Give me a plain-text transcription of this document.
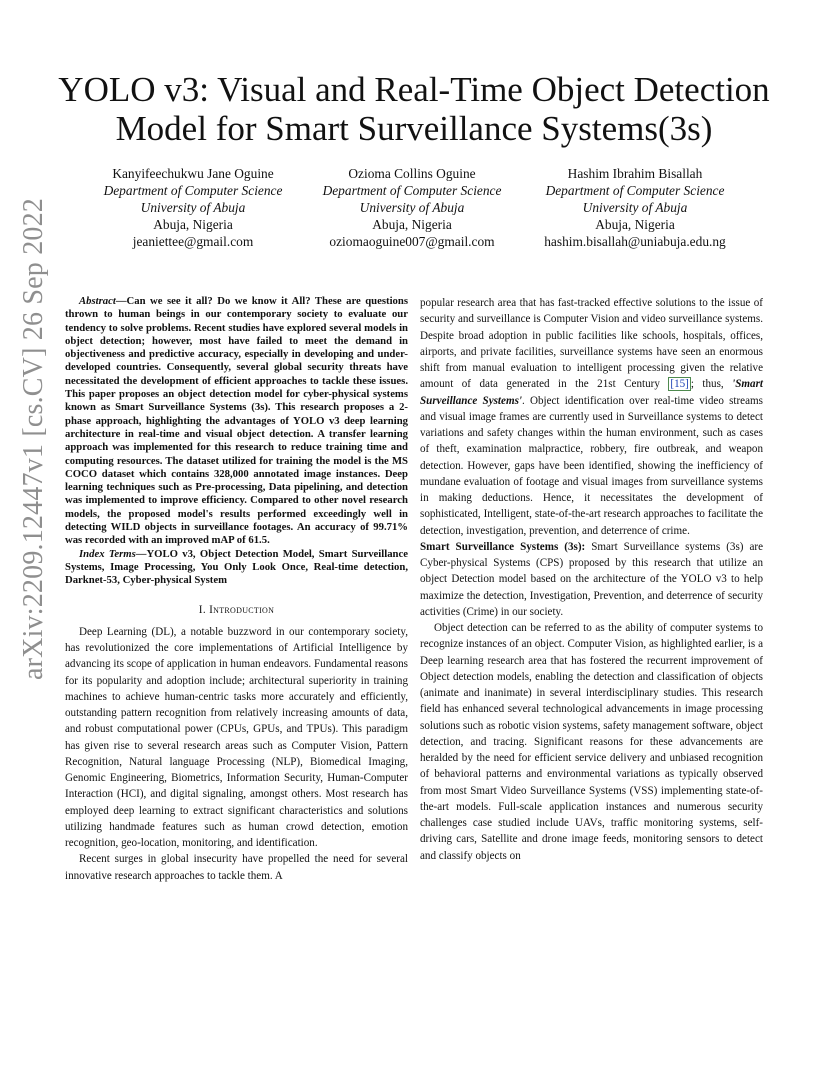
YOLO v3: Visual and Real-Time Object Detection Model for Smart Surveillance Systems(3s)
Kanyifeechukwu Jane Oguine
Department of Computer Science
University of Abuja
Abuja, Nigeria
jeaniettee@gmail.com
Ozioma Collins Oguine
Department of Computer Science
University of Abuja
Abuja, Nigeria
oziomaoguine007@gmail.com
Hashim Ibrahim Bisallah
Department of Computer Science
University of Abuja
Abuja, Nigeria
hashim.bisallah@uniabuja.edu.ng
arXiv:2209.12447v1 [cs.CV] 26 Sep 2022	Abstract—Can we see it all? Do we know it All? These are questions thrown to human beings in our contemporary society to evaluate our tendency to solve problems. Recent studies have explored several models in object detection; however, most have failed to meet the demand in objectiveness and predictive accuracy, especially in developing and under-developed countries. Consequently, several global security threats have necessitated the development of efficient approaches to tackle these issues. This paper proposes an object detection model for cyber-physical systems known as Smart Surveillance Systems (3s). This research proposes a 2-phase approach, highlighting the advantages of YOLO v3 deep learning architecture in real-time and visual object detection. A transfer learning approach was implemented for this research to reduce training time and computing resources. The dataset utilized for training the model is the MS COCO dataset which contains 328,000 annotated image instances. Deep learning techniques such as Pre-processing, Data pipelining, and detection was implemented to improve efficiency. Compared to other novel research models, the proposed model's results performed exceedingly well in detecting WILD objects in surveillance footages. An accuracy of 99.71% was recorded with an improved mAP of 61.5.

Index Terms—YOLO v3, Object Detection Model, Smart Surveillance Systems, Image Processing, You Only Look Once, Real-time detection, Darknet-53, Cyber-physical System

I. Introduction

Deep Learning (DL), a notable buzzword in our contemporary society, has revolutionized the core implementations of Artificial Intelligence by advancing its scope of application in human endeavors. Fundamental reasons for its popularity and adoption include; architectural superiority in training machines to achieve human-centric tasks more accurately and efficiently, outstanding pattern recognition from relatively increasing amounts of data, and robust computational power (CPUs, GPUs, and TPUs). This paradigm has given rise to several research areas such as Computer Vision, Pattern Recognition, Natural language Processing (NLP), Biomedical Imaging, Genomic Engineering, Biometrics, Information Security, Human-Computer Interaction (HCI), and digital signaling, amongst others. Most research has employed deep learning to extract significant characteristics and solutions utilizing handmade features such as human crowd detection, emotion recognition, geo-location, monitoring, and identification.

Recent surges in global insecurity have propelled the need for several innovative research approaches to tackle them. A

popular research area that has fast-tracked effective solutions to the issue of security and surveillance is Computer Vision and video surveillance systems. Despite broad adoption in public facilities like schools, hospitals, offices, airports, and private facilities, surveillance systems have seen an enormous shift from manual evaluation to intelligent processing given the relative amount of data generated in the 21st Century [15] ; thus, 'Smart Surveillance Systems'. Object identification over real-time video streams and visual image frames are currently used in Surveillance systems to detect variations and safety changes within the human environment, such as cases of theft, examination malpractice, robbery, fire outbreak, and weapon detection. However, gaps have been identified, showing the inefficiency of mundane evaluation of footage and visual images from surveillance systems in making deductions. Hence, it necessitates the development of sophisticated, Intelligent, state-of-the-art research approaches to facilitate the detection, investigation, prevention, and deterrence of crime.

Smart Surveillance Systems (3s): Smart Surveillance systems (3s) are Cyber-physical Systems (CPS) proposed by this research that utilize an object Detection model based on the architecture of the YOLO v3 to help maximize the detection, Investigation, Prevention, and deterrence of security activities (Crime) in our society.

Object detection can be referred to as the ability of computer systems to recognize instances of an object. Computer Vision, as highlighted earlier, is a Deep learning research area that has fostered the recurrent improvement of Object detection models, enabling the detection and classification of objects (animate and inanimate) in several interdisciplinary studies. This research field has enhanced several technological advancements in image processing solutions such as robotic vision systems, safety management software, object detection, and tracing. Significant reasons for these advancements are heralded by the need for efficient service delivery and unbiased recognition of behavioral patterns and environmental variations as typically observed from most Smart Video Surveillance Systems (VSS) implementing state-of-the-art models. Full-scale application instances and numerous security challenges case studied include UAVs, traffic monitoring systems, self-driving cars, Satellite and drone image feeds, monitoring sensors to detect and classify objects on
